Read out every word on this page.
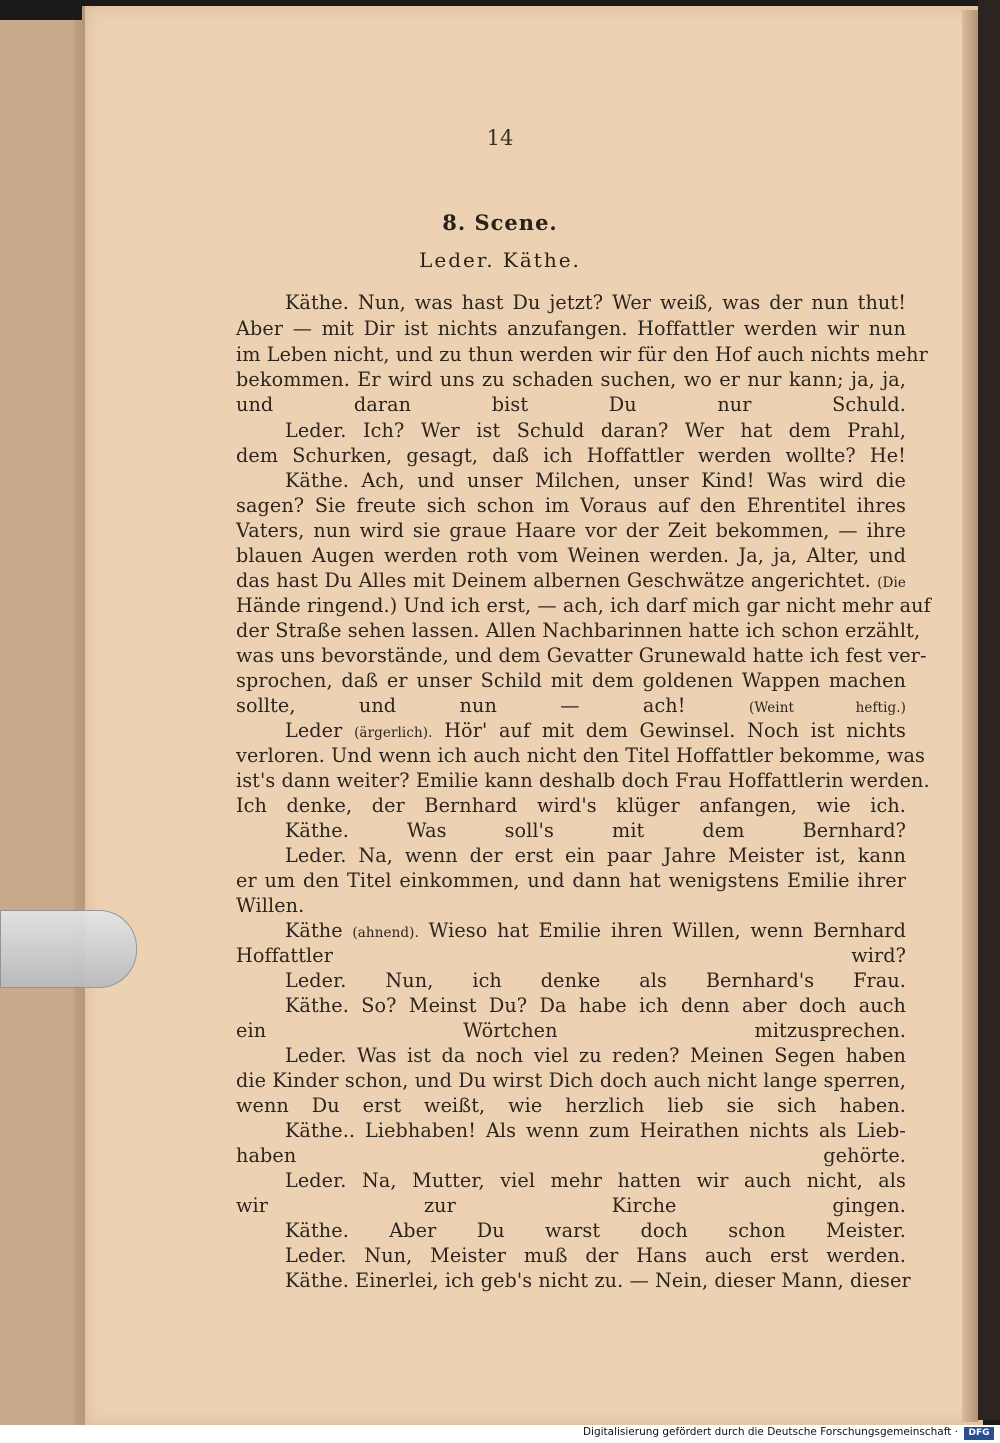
14
8. Scene.
Leder. Käthe.
Käthe. Nun, was hast Du jetzt? Wer weiß, was der nun thut!
Aber — mit Dir ist nichts anzufangen. Hoffattler werden wir nun
im Leben nicht, und zu thun werden wir für den Hof auch nichts mehr
bekommen. Er wird uns zu schaden suchen, wo er nur kann; ja, ja,
und daran bist Du nur Schuld.
Leder. Ich? Wer ist Schuld daran? Wer hat dem Prahl,
dem Schurken, gesagt, daß ich Hoffattler werden wollte? He!
Käthe. Ach, und unser Milchen, unser Kind! Was wird die
sagen? Sie freute sich schon im Voraus auf den Ehrentitel ihres
Vaters, nun wird sie graue Haare vor der Zeit bekommen, — ihre
blauen Augen werden roth vom Weinen werden. Ja, ja, Alter, und
das hast Du Alles mit Deinem albernen Geschwätze angerichtet. (Die
Hände ringend.) Und ich erst, — ach, ich darf mich gar nicht mehr auf
der Straße sehen lassen. Allen Nachbarinnen hatte ich schon erzählt,
was uns bevorstände, und dem Gevatter Grunewald hatte ich fest ver-
sprochen, daß er unser Schild mit dem goldenen Wappen machen
sollte, und nun — ach!	(Weint heftig.)
Leder (ärgerlich). Hör' auf mit dem Gewinsel. Noch ist nichts
verloren. Und wenn ich auch nicht den Titel Hoffattler bekomme, was
ist's dann weiter? Emilie kann deshalb doch Frau Hoffattlerin werden.
Ich denke, der Bernhard wird's klüger anfangen, wie ich.
Käthe. Was soll's mit dem Bernhard?
Leder. Na, wenn der erst ein paar Jahre Meister ist, kann
er um den Titel einkommen, und dann hat wenigstens Emilie ihrer
Willen.
Käthe (ahnend). Wieso hat Emilie ihren Willen, wenn Bernhard
Hoffattler wird?
Leder. Nun, ich denke als Bernhard's Frau.
Käthe. So? Meinst Du? Da habe ich denn aber doch auch
ein Wörtchen mitzusprechen.
Leder. Was ist da noch viel zu reden? Meinen Segen haben
die Kinder schon, und Du wirst Dich doch auch nicht lange sperren,
wenn Du erst weißt, wie herzlich lieb sie sich haben.
Käthe.. Liebhaben! Als wenn zum Heirathen nichts als Lieb-
haben gehörte.
Leder. Na, Mutter, viel mehr hatten wir auch nicht, als
wir zur Kirche gingen.
Käthe. Aber Du warst doch schon Meister.
Leder. Nun, Meister muß der Hans auch erst werden.
Käthe. Einerlei, ich geb's nicht zu. — Nein, dieser Mann, dieser
Digitalisierung gefördert durch die Deutsche Forschungsgemeinschaft ·	DFG
